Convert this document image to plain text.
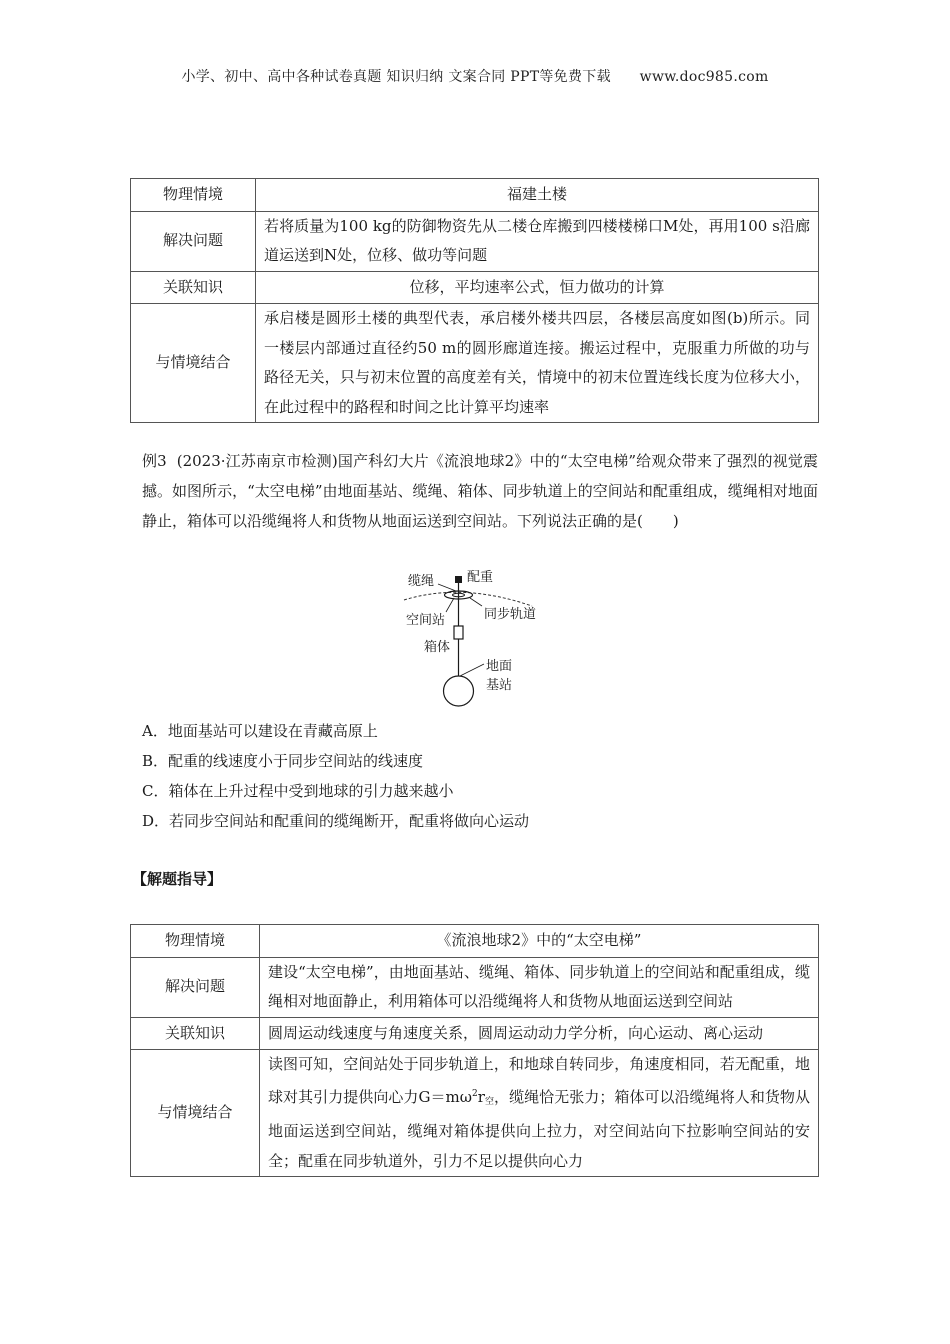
小学、初中、高中各种试卷真题 知识归纳 文案合同 PPT等免费下载 www.doc985.com
物理情境	福建土楼
解决问题	若将质量为100 kg的防御物资先从二楼仓库搬到四楼楼梯口M处，再用100 s沿廊道运送到N处，位移、做功等问题
关联知识	位移，平均速率公式，恒力做功的计算
与情境结合	承启楼是圆形土楼的典型代表，承启楼外楼共四层，各楼层高度如图(b)所示。同一楼层内部通过直径约50 m的圆形廊道连接。搬运过程中，克服重力所做的功与路径无关，只与初末位置的高度差有关，情境中的初末位置连线长度为位移大小，在此过程中的路程和时间之比计算平均速率
例3 (2023·江苏南京市检测)国产科幻大片《流浪地球2》中的“太空电梯”给观众带来了强烈的视觉震撼。如图所示，“太空电梯”由地面基站、缆绳、箱体、同步轨道上的空间站和配重组成，缆绳相对地面静止，箱体可以沿缆绳将人和货物从地面运送到空间站。下列说法正确的是(　　)
缆绳	配重
空间站	同步轨道
箱体
地面
基站
A．地面基站可以建设在青藏高原上
B．配重的线速度小于同步空间站的线速度
C．箱体在上升过程中受到地球的引力越来越小
D．若同步空间站和配重间的缆绳断开，配重将做向心运动
【解题指导】
物理情境	《流浪地球2》中的“太空电梯”
解决问题	建设“太空电梯”，由地面基站、缆绳、箱体、同步轨道上的空间站和配重组成，缆绳相对地面静止，利用箱体可以沿缆绳将人和货物从地面运送到空间站
关联知识	圆周运动线速度与角速度关系，圆周运动动力学分析，向心运动、离心运动
与情境结合	读图可知，空间站处于同步轨道上，和地球自转同步，角速度相同，若无配重，地球对其引力提供向心力$G=m\omega^2r_空$，缆绳恰无张力；箱体可以沿缆绳将人和货物从地面运送到空间站，缆绳对箱体提供向上拉力，对空间站向下拉影响空间站的安全；配重在同步轨道外，引力不足以提供向心力
